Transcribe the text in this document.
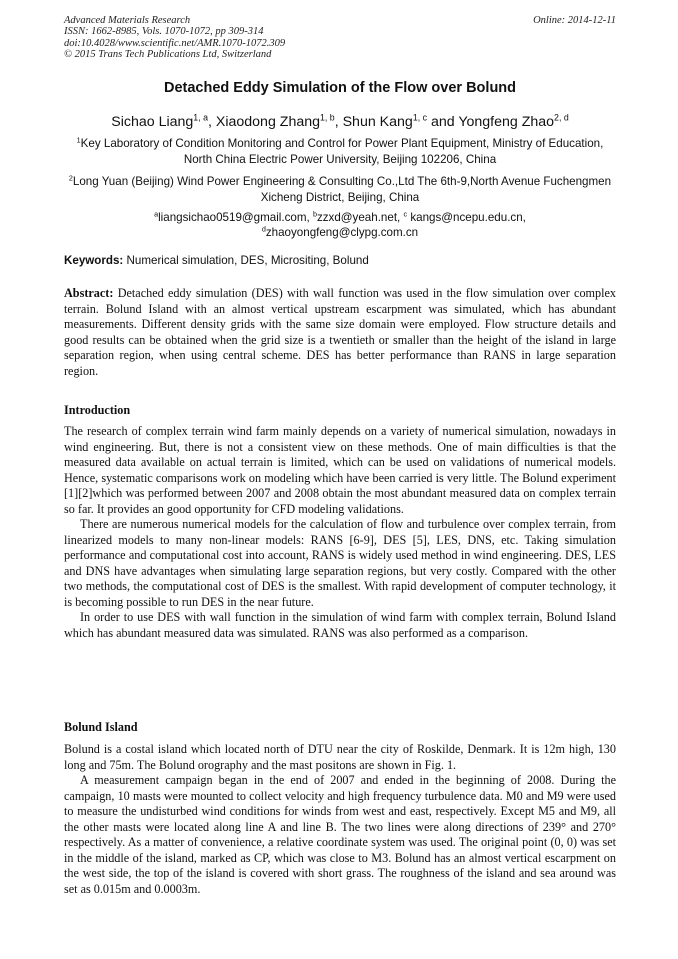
Advanced Materials Research
ISSN: 1662-8985, Vols. 1070-1072, pp 309-314
doi:10.4028/www.scientific.net/AMR.1070-1072.309
© 2015 Trans Tech Publications Ltd, Switzerland
Online: 2014-12-11
Detached Eddy Simulation of the Flow over Bolund
Sichao Liang$^{1, a}$, Xiaodong Zhang$^{1, b}$, Shun Kang$^{1, c}$ and Yongfeng Zhao$^{2, d}$
$^1$Key Laboratory of Condition Monitoring and Control for Power Plant Equipment, Ministry of Education, North China Electric Power University, Beijing 102206, China
$^2$Long Yuan (Beijing) Wind Power Engineering & Consulting Co.,Ltd The 6th-9,North Avenue Fuchengmen Xicheng District, Beijing, China
$^a$liangsichao0519@gmail.com, $^b$zzxd@yeah.net, $^c$ kangs@ncepu.edu.cn,
$^d$zhaoyongfeng@clypg.com.cn
Keywords: Numerical simulation, DES, Micrositing, Bolund
Abstract: Detached eddy simulation (DES) with wall function was used in the flow simulation over complex terrain. Bolund Island with an almost vertical upstream escarpment was simulated, which has abundant measurements. Different density grids with the same size domain were employed. Flow structure details and good results can be obtained when the grid size is a twentieth or smaller than the height of the island in large separation region, when using central scheme. DES has better performance than RANS in large separation region.
Introduction

The research of complex terrain wind farm mainly depends on a variety of numerical simulation, nowadays in wind engineering. But, there is not a consistent view on these methods. One of main difficulties is that the measured data available on actual terrain is limited, which can be used on validations of numerical models. Hence, systematic comparisons work on modeling which have been carried is very little. The Bolund experiment [1][2]which was performed between 2007 and 2008 obtain the most abundant measured data on complex terrain so far. It provides an good opportunity for CFD modeling validations.

There are numerous numerical models for the calculation of flow and turbulence over complex terrain, from linearized models to many non-linear models: RANS [6-9], DES [5], LES, DNS, etc. Taking simulation performance and computational cost into account, RANS is widely used method in wind engineering. DES, LES and DNS have advantages when simulating large separation regions, but very costly. Compared with the other two methods, the computational cost of DES is the smallest. With rapid development of computer technology, it is becoming possible to run DES in the near future.

In order to use DES with wall function in the simulation of wind farm with complex terrain, Bolund Island which has abundant measured data was simulated. RANS was also performed as a comparison.

Bolund Island

Bolund is a costal island which located north of DTU near the city of Roskilde, Denmark. It is 12m high, 130 long and 75m. The Bolund orography and the mast positons are shown in Fig. 1.

A measurement campaign began in the end of 2007 and ended in the beginning of 2008. During the campaign, 10 masts were mounted to collect velocity and high frequency turbulence data. M0 and M9 were used to measure the undisturbed wind conditions for winds from west and east, respectively. Except M5 and M9, all the other masts were located along line A and line B. The two lines were along directions of 239° and 270° respectively. As a matter of convenience, a relative coordinate system was used. The original point (0, 0) was set in the middle of the island, marked as CP, which was close to M3. Bolund has an almost vertical escarpment on the west side, the top of the island is covered with short grass. The roughness of the island and sea around was set as 0.015m and 0.0003m.
